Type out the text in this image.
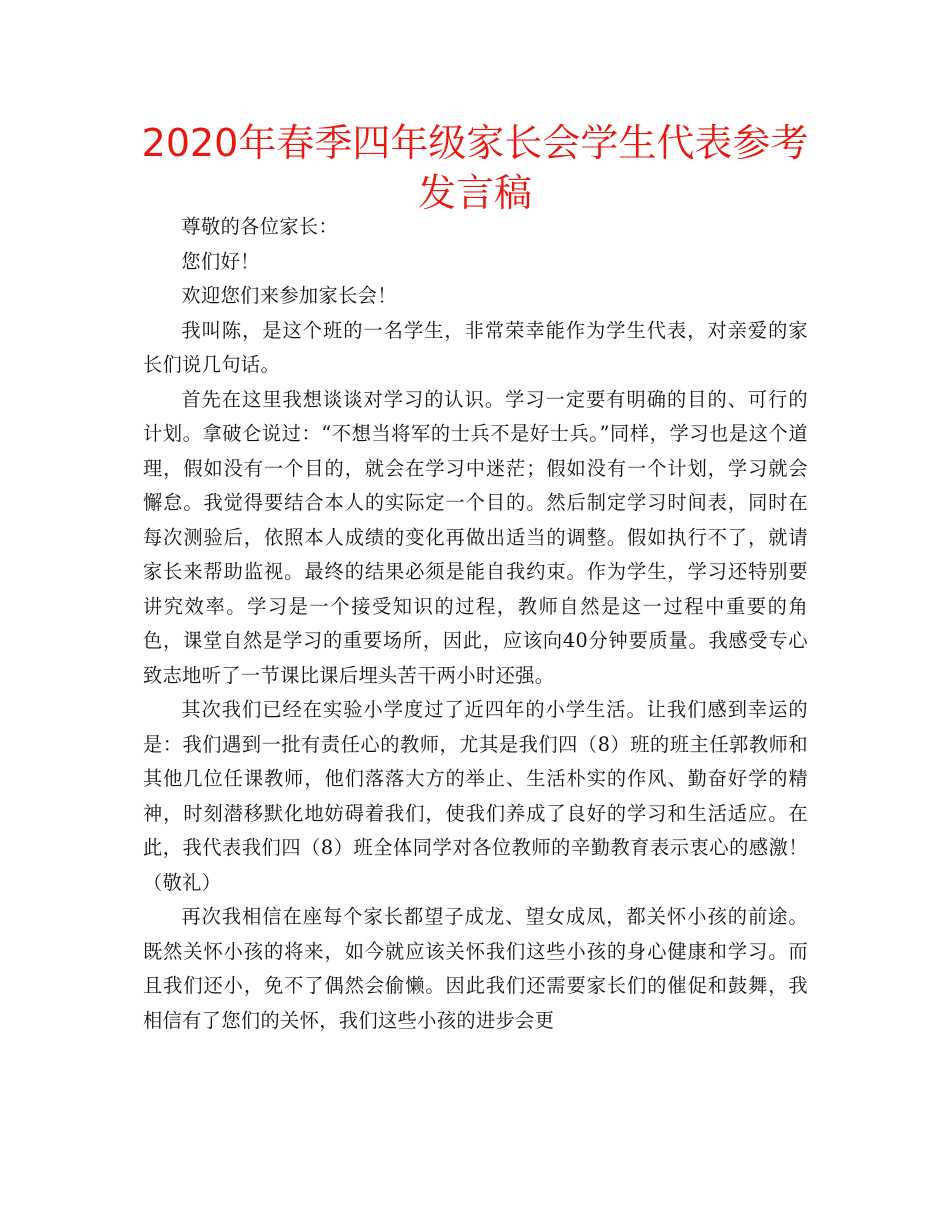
2020年春季四年级家长会学生代表参考发言稿

尊敬的各位家长：

您们好！

欢迎您们来参加家长会！

我叫陈，是这个班的一名学生，非常荣幸能作为学生代表，对亲爱的家长们说几句话。

首先在这里我想谈谈对学习的认识。学习一定要有明确的目的、可行的计划。拿破仑说过：“不想当将军的士兵不是好士兵。”同样，学习也是这个道理，假如没有一个目的，就会在学习中迷茫；假如没有一个计划，学习就会懈怠。我觉得要结合本人的实际定一个目的。然后制定学习时间表，同时在每次测验后，依照本人成绩的变化再做出适当的调整。假如执行不了，就请家长来帮助监视。最终的结果必须是能自我约束。作为学生，学习还特别要讲究效率。学习是一个接受知识的过程，教师自然是这一过程中重要的角色，课堂自然是学习的重要场所，因此，应该向40分钟要质量。我感受专心致志地听了一节课比课后埋头苦干两小时还强。

其次我们已经在实验小学度过了近四年的小学生活。让我们感到幸运的是：我们遇到一批有责任心的教师，尤其是我们四（8）班的班主任郭教师和其他几位任课教师，他们落落大方的举止、生活朴实的作风、勤奋好学的精神，时刻潜移默化地妨碍着我们，使我们养成了良好的学习和生活适应。在此，我代表我们四（8）班全体同学对各位教师的辛勤教育表示衷心的感激！（敬礼）

再次我相信在座每个家长都望子成龙、望女成凤，都关怀小孩的前途。既然关怀小孩的将来，如今就应该关怀我们这些小孩的身心健康和学习。而且我们还小，免不了偶然会偷懒。因此我们还需要家长们的催促和鼓舞，我相信有了您们的关怀，我们这些小孩的进步会更
